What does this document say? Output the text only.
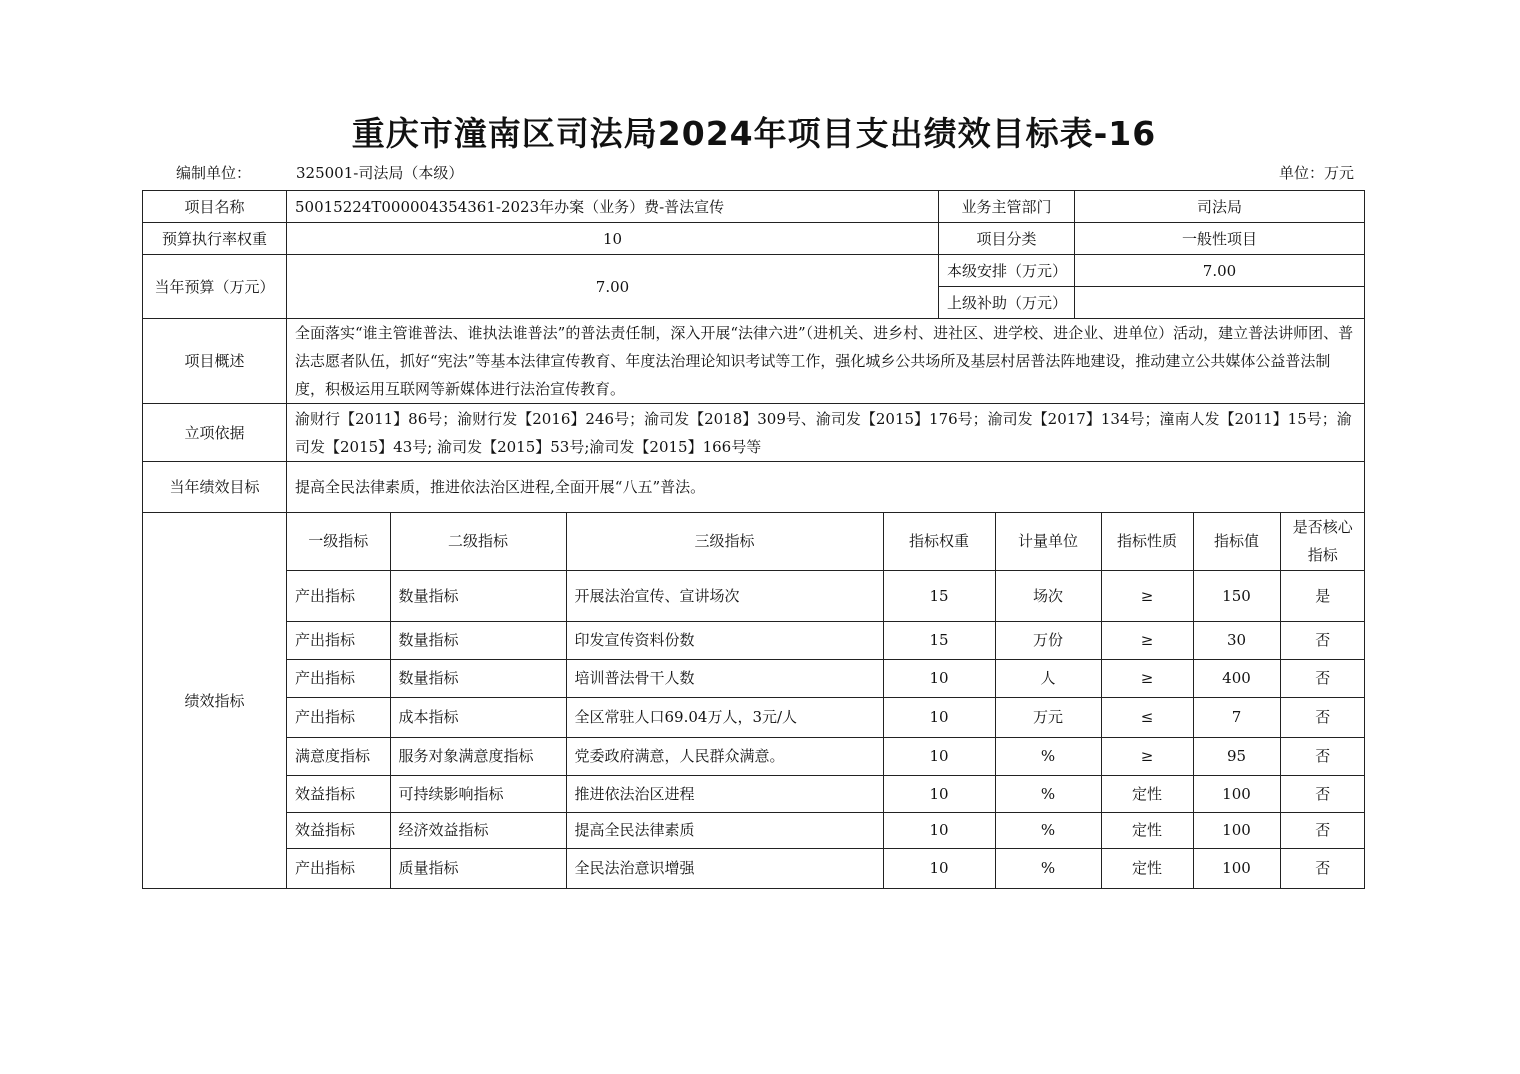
重庆市潼南区司法局2024年项目支出绩效目标表-16
编制单位：	325001-司法局（本级）	单位：万元
项目名称	50015224T000004354361-2023年办案（业务）费-普法宣传	业务主管部门	司法局
预算执行率权重	10	项目分类	一般性项目
当年预算（万元）	7.00	本级安排（万元）	7.00
上级补助（万元）	
项目概述	全面落实“谁主管谁普法、谁执法谁普法”的普法责任制，深入开展“法律六进”（进机关、进乡村、进社区、进学校、进企业、进单位）活动，建立普法讲师团、普法志愿者队伍，抓好“宪法”等基本法律宣传教育、年度法治理论知识考试等工作，强化城乡公共场所及基层村居普法阵地建设，推动建立公共媒体公益普法制度，积极运用互联网等新媒体进行法治宣传教育。
立项依据	渝财行【2011】86号；渝财行发【2016】246号；渝司发【2018】309号、渝司发【2015】176号；渝司发【2017】134号；潼南人发【2011】15号；渝司发【2015】43号; 渝司发【2015】53号;渝司发【2015】166号等
当年绩效目标	提高全民法律素质，推进依法治区进程,全面开展“八五”普法。
绩效指标	
一级指标	二级指标	三级指标	指标权重	计量单位	指标性质	指标值	是否核心指标
产出指标	数量指标	开展法治宣传、宣讲场次	15	场次	≥	150	是
产出指标	数量指标	印发宣传资料份数	15	万份	≥	30	否
产出指标	数量指标	培训普法骨干人数	10	人	≥	400	否
产出指标	成本指标	全区常驻人口69.04万人，3元/人	10	万元	≤	7	否
满意度指标	服务对象满意度指标	党委政府满意，人民群众满意。	10	%	≥	95	否
效益指标	可持续影响指标	推进依法治区进程	10	%	定性	100	否
效益指标	经济效益指标	提高全民法律素质	10	%	定性	100	否
产出指标	质量指标	全民法治意识增强	10	%	定性	100	否
